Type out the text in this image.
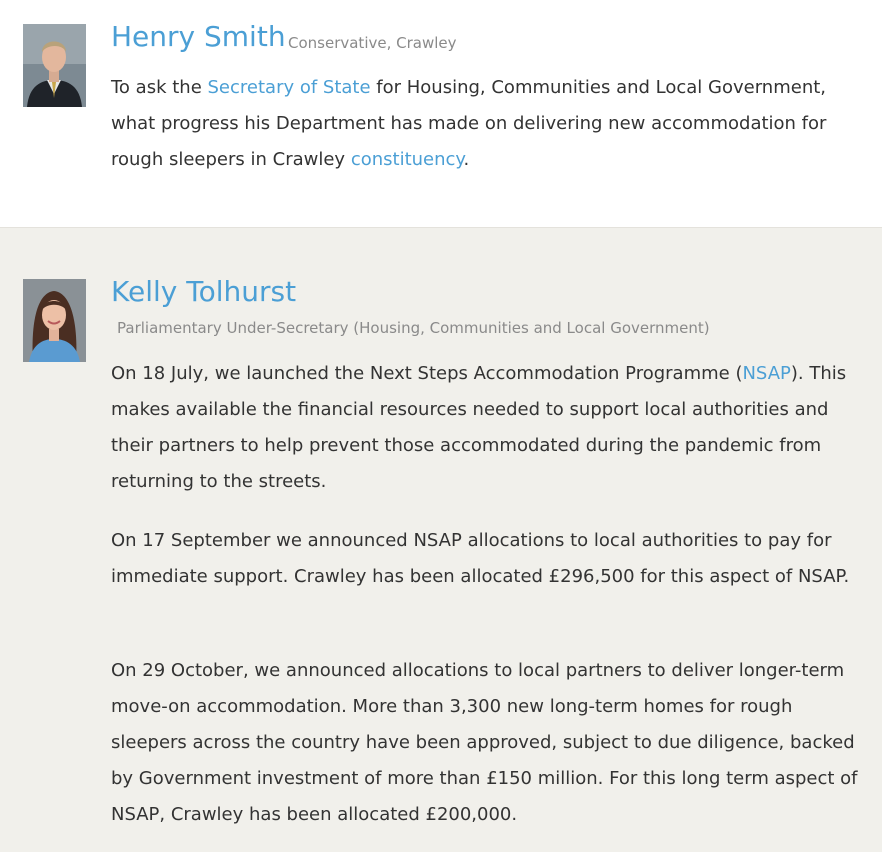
Henry Smith Conservative, Crawley

To ask the Secretary of State for Housing, Communities and Local Government, what progress his Department has made on delivering new accommodation for rough sleepers in Crawley constituency.

Kelly Tolhurst
Parliamentary Under-Secretary (Housing, Communities and Local Government)

On 18 July, we launched the Next Steps Accommodation Programme (NSAP). This makes available the financial resources needed to support local authorities and their partners to help prevent those accommodated during the pandemic from returning to the streets.

On 17 September we announced NSAP allocations to local authorities to pay for immediate support. Crawley has been allocated £296,500 for this aspect of NSAP.

On 29 October, we announced allocations to local partners to deliver longer-term move-on accommodation. More than 3,300 new long-term homes for rough sleepers across the country have been approved, subject to due diligence, backed by Government investment of more than £150 million. For this long term aspect of NSAP, Crawley has been allocated £200,000.
